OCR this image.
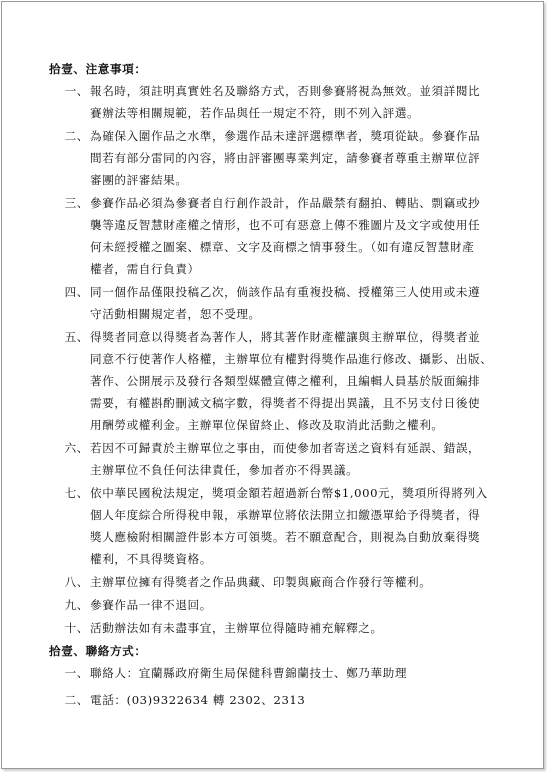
拾壹、注意事項：
一、 報名時，須註明真實姓名及聯絡方式，否則參賽將視為無效。並須詳閱比
賽辦法等相關規範，若作品與任一規定不符，則不列入評選。
二、 為確保入圍作品之水準，參選作品未達評選標準者，獎項從缺。參賽作品
間若有部分雷同的內容，將由評審團專業判定，請參賽者尊重主辦單位評
審團的評審結果。
三、 參賽作品必須為參賽者自行創作設計，作品嚴禁有翻拍、轉貼、剽竊或抄
襲等違反智慧財產權之情形，也不可有惡意上傳不雅圖片及文字或使用任
何未經授權之圖案、標章、文字及商標之情事發生。（如有違反智慧財產
權者，需自行負責）
四、 同一個作品僅限投稿乙次，倘該作品有重複投稿、授權第三人使用或未遵
守活動相關規定者，恕不受理。
五、 得獎者同意以得獎者為著作人，將其著作財產權讓與主辦單位，得獎者並
同意不行使著作人格權，主辦單位有權對得獎作品進行修改、攝影、出版、
著作、公開展示及發行各類型媒體宣傳之權利，且編輯人員基於版面編排
需要，有權斟酌刪減文稿字數，得獎者不得提出異議，且不另支付日後使
用酬勞或權利金。主辦單位保留終止、修改及取消此活動之權利。
六、 若因不可歸責於主辦單位之事由，而使參加者寄送之資料有延誤、錯誤，
主辦單位不負任何法律責任，參加者亦不得異議。
七、 依中華民國稅法規定，獎項金額若超過新台幣$1,000元，獎項所得將列入
個人年度綜合所得稅申報，承辦單位將依法開立扣繳憑單給予得獎者，得
獎人應檢附相關證件影本方可領獎。若不願意配合，則視為自動放棄得獎
權利，不具得獎資格。
八、 主辦單位擁有得獎者之作品典藏、印製與廠商合作發行等權利。
九、 參賽作品一律不退回。
十、 活動辦法如有未盡事宜，主辦單位得隨時補充解釋之。
拾壹、聯絡方式：
一、 聯絡人：宜蘭縣政府衛生局保健科曹錦蘭技士、鄭乃華助理
二、 電話：(03)9322634 轉 2302、2313
